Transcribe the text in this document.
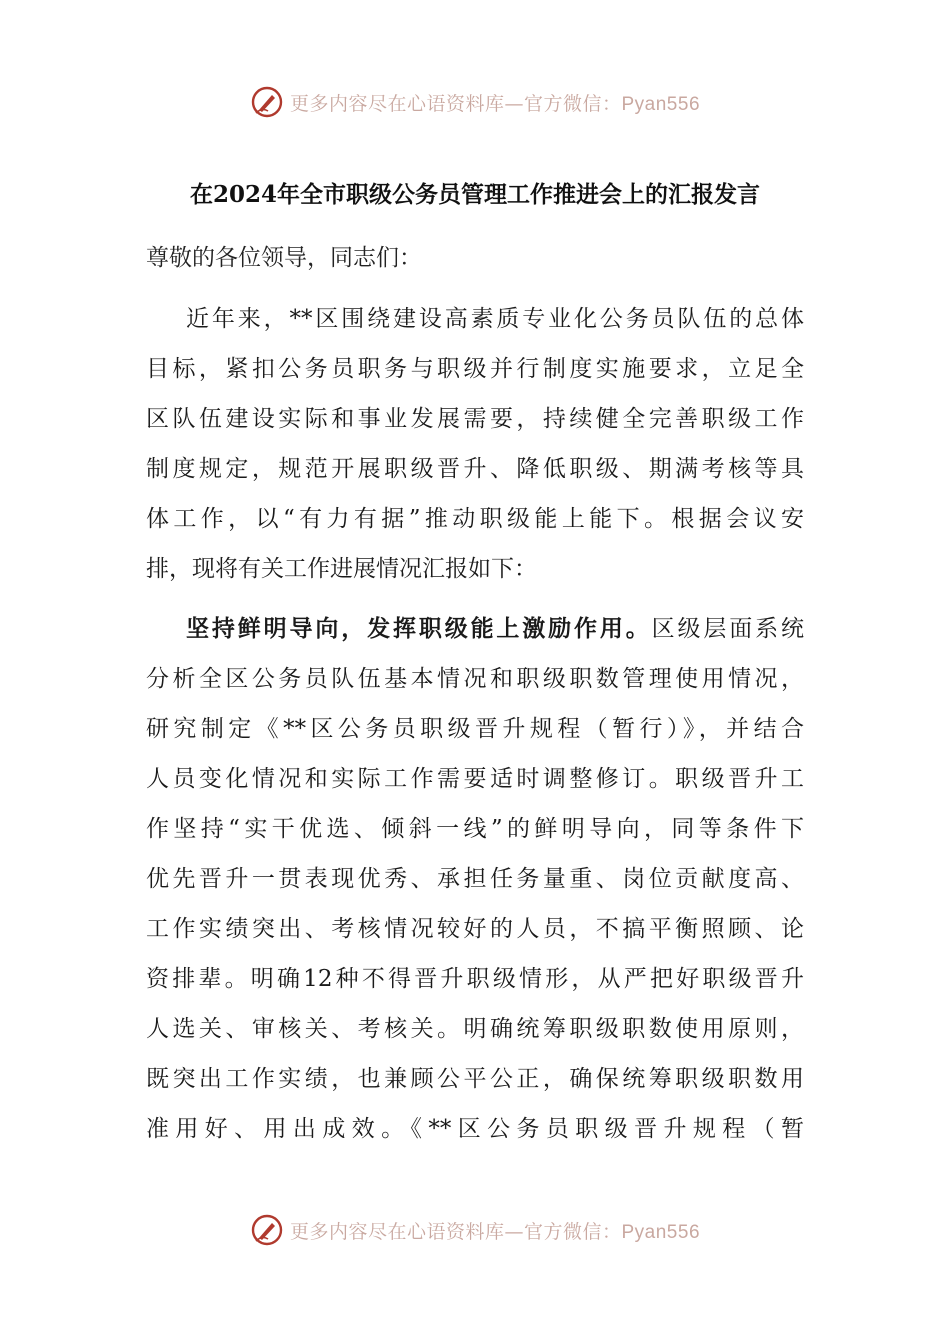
更多内容尽在心语资料库—官方微信：Pyan556
在2024年全市职级公务员管理工作推进会上的汇报发言
尊敬的各位领导，同志们：
近年来，**区围绕建设高素质专业化公务员队伍的总体
目标，紧扣公务员职务与职级并行制度实施要求，立足全
区队伍建设实际和事业发展需要，持续健全完善职级工作
制度规定，规范开展职级晋升、降低职级、期满考核等具
体工作，以“有力有据”推动职级能上能下。根据会议安
排，现将有关工作进展情况汇报如下：
坚持鲜明导向，发挥职级能上激励作用。区级层面系统
分析全区公务员队伍基本情况和职级职数管理使用情况，
研究制定《**区公务员职级晋升规程（暂行）》，并结合
人员变化情况和实际工作需要适时调整修订。职级晋升工
作坚持“实干优选、倾斜一线”的鲜明导向，同等条件下
优先晋升一贯表现优秀、承担任务量重、岗位贡献度高、
工作实绩突出、考核情况较好的人员，不搞平衡照顾、论
资排辈。明确12种不得晋升职级情形，从严把好职级晋升
人选关、审核关、考核关。明确统筹职级职数使用原则，
既突出工作实绩，也兼顾公平公正，确保统筹职级职数用
准用好、用出成效。《**区公务员职级晋升规程（暂
更多内容尽在心语资料库—官方微信：Pyan556
